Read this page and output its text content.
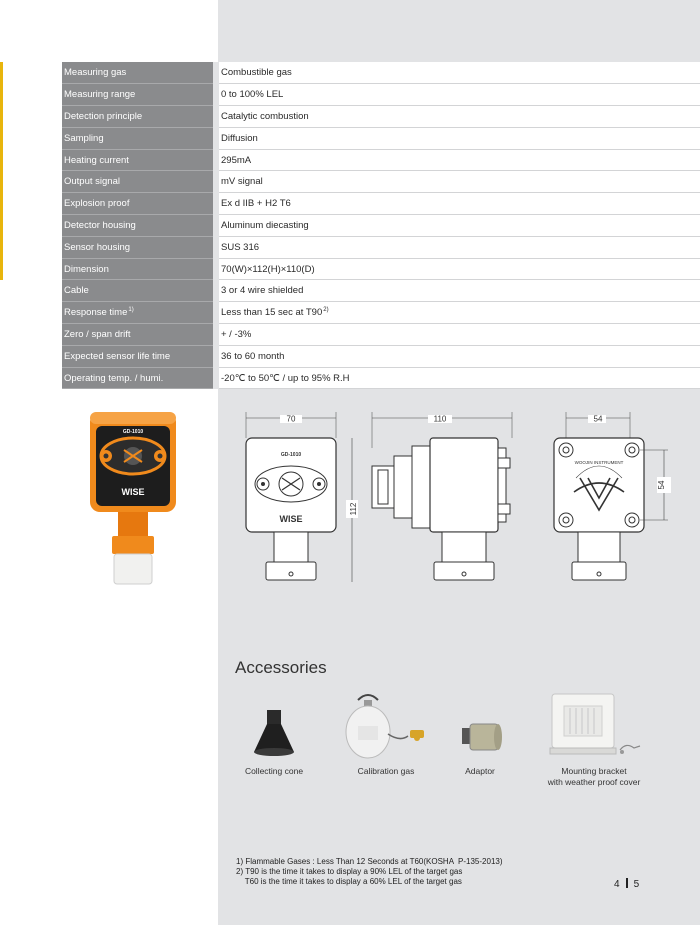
Measuring gas		Combustible gas
Measuring range		0 to 100% LEL
Detection principle		Catalytic combustion
Sampling		Diffusion
Heating current		295mA
Output signal		mV signal
Explosion proof		Ex d IIB + H2 T6
Detector housing		Aluminum diecasting
Sensor housing		SUS 316
Dimension		70(W)×112(H)×110(D)
Cable		3 or 4 wire shielded
Response time$^{1)}$		Less than 15 sec at T90$^{2)}$
Zero / span drift		+ / -3%
Expected sensor life time		36 to 60 month
Operating temp. / humi.		-20℃ to 50℃ / up to 95% R.H
GD-1010
WISE
70
GD-1010
WISE
112
110	54
WOOJIN INSTRUMENT
54
Accessories
Collecting cone	Calibration gas	Adaptor	Mounting bracket
with weather proof cover
1) Flammable Gases : Less Than 12 Seconds at T60(KOSHA  P-135-2013)
2) T90 is the time it takes to display a 90% LEL of the target gas
T60 is the time it takes to display a 60% LEL of the target gas	4 5
